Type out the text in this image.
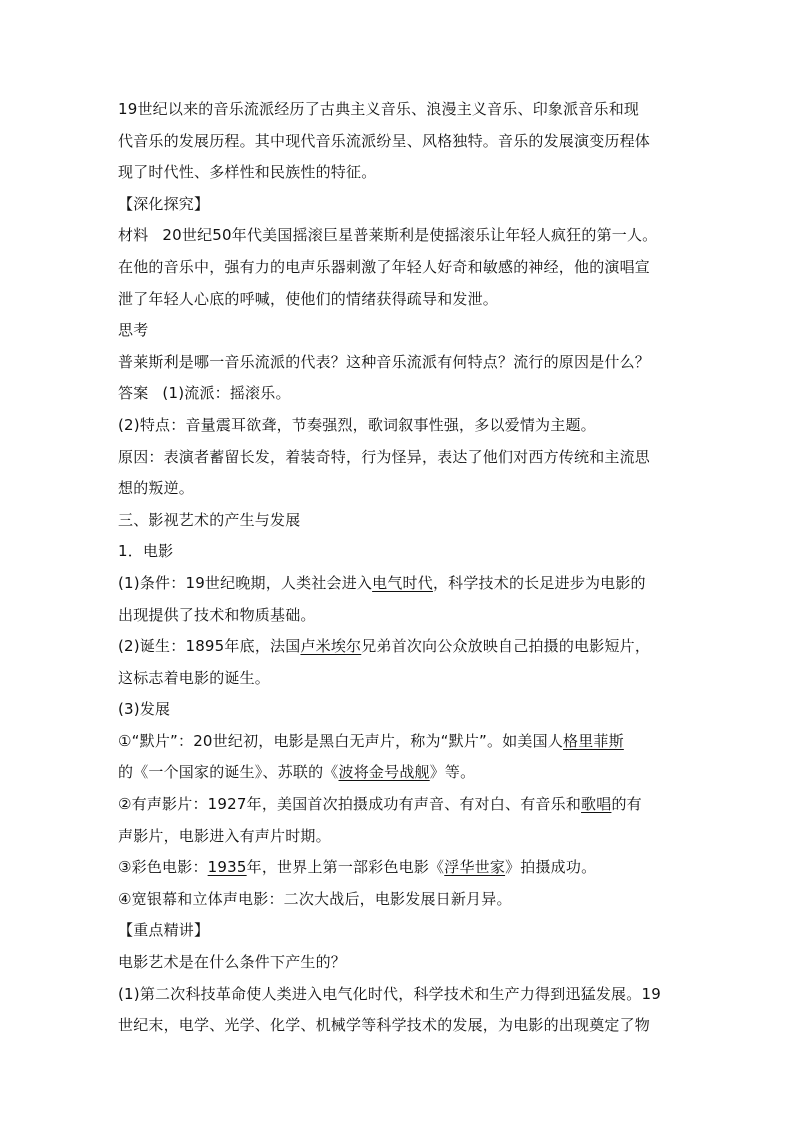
19世纪以来的音乐流派经历了古典主义音乐、浪漫主义音乐、印象派音乐和现
代音乐的发展历程。其中现代音乐流派纷呈、风格独特。音乐的发展演变历程体
现了时代性、多样性和民族性的特征。
【深化探究】
材料 20世纪50年代美国摇滚巨星普莱斯利是使摇滚乐让年轻人疯狂的第一人。
在他的音乐中，强有力的电声乐器刺激了年轻人好奇和敏感的神经，他的演唱宣
泄了年轻人心底的呼喊，使他们的情绪获得疏导和发泄。
思考
普莱斯利是哪一音乐流派的代表？这种音乐流派有何特点？流行的原因是什么？
答案 (1)流派：摇滚乐。
(2)特点：音量震耳欲聋，节奏强烈，歌词叙事性强，多以爱情为主题。
原因：表演者蓄留长发，着装奇特，行为怪异，表达了他们对西方传统和主流思
想的叛逆。
三、影视艺术的产生与发展
1．电影
(1)条件：19世纪晚期，人类社会进入电气时代，科学技术的长足进步为电影的
出现提供了技术和物质基础。
(2)诞生：1895年底，法国卢米埃尔兄弟首次向公众放映自己拍摄的电影短片，
这标志着电影的诞生。
(3)发展
①“默片”：20世纪初，电影是黑白无声片，称为“默片”。如美国人格里菲斯
的《一个国家的诞生》、苏联的《波将金号战舰》等。
②有声影片：1927年，美国首次拍摄成功有声音、有对白、有音乐和歌唱的有
声影片，电影进入有声片时期。
③彩色电影：1935年，世界上第一部彩色电影《浮华世家》拍摄成功。
④宽银幕和立体声电影：二次大战后，电影发展日新月异。
【重点精讲】
电影艺术是在什么条件下产生的？
(1)第二次科技革命使人类进入电气化时代，科学技术和生产力得到迅猛发展。19
世纪末，电学、光学、化学、机械学等科学技术的发展，为电影的出现奠定了物
